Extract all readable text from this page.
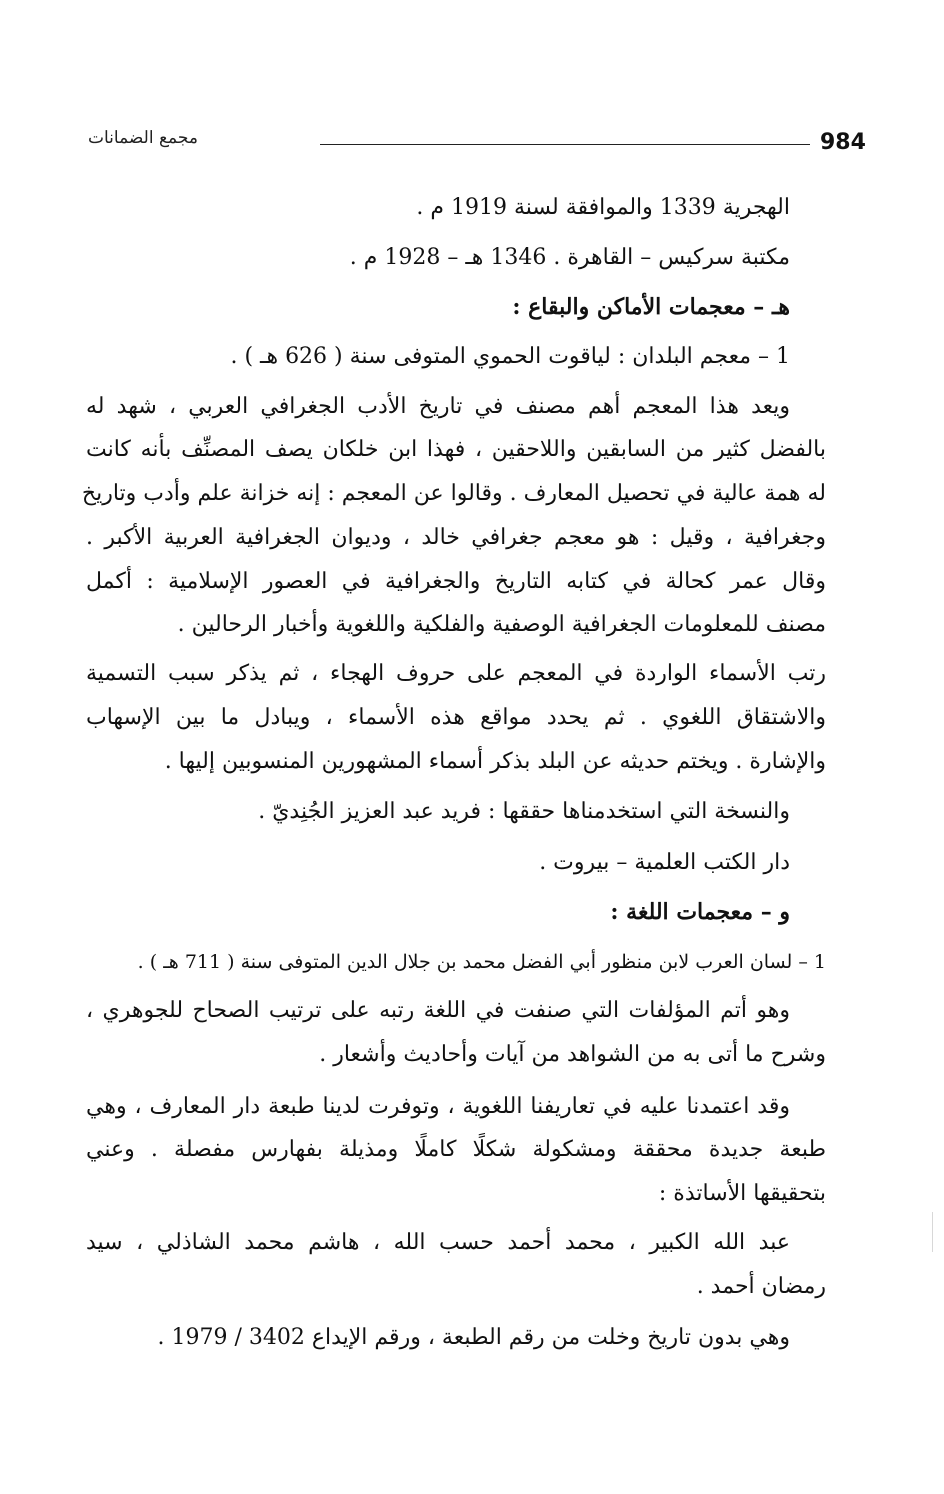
مجمع الضمانات	984
الهجرية 1339 والموافقة لسنة 1919 م .
مكتبة سركيس – القاهرة . 1346 هـ – 1928 م .
هـ – معجمات الأماكن والبقاع :
1 – معجم البلدان : لياقوت الحموي المتوفى سنة ( 626 هـ ) .
ويعد هذا المعجم أهم مصنف في تاريخ الأدب الجغرافي العربي ، شهد له
بالفضل كثير من السابقين واللاحقين ، فهذا ابن خلكان يصف المصنِّف بأنه كانت
له همة عالية في تحصيل المعارف . وقالوا عن المعجم : إنه خزانة علم وأدب وتاريخ
وجغرافية ، وقيل : هو معجم جغرافي خالد ، وديوان الجغرافية العربية الأكبر .
وقال عمر كحالة في كتابه التاريخ والجغرافية في العصور الإسلامية : أكمل
مصنف للمعلومات الجغرافية الوصفية والفلكية واللغوية وأخبار الرحالين .
رتب الأسماء الواردة في المعجم على حروف الهجاء ، ثم يذكر سبب التسمية
والاشتقاق اللغوي . ثم يحدد مواقع هذه الأسماء ، ويبادل ما بين الإسهاب
والإشارة . ويختم حديثه عن البلد بذكر أسماء المشهورين المنسوبين إليها .
والنسخة التي استخدمناها حققها : فريد عبد العزيز الجُنِديّ .
دار الكتب العلمية – بيروت .
و – معجمات اللغة :
1 – لسان العرب لابن منظور أبي الفضل محمد بن جلال الدين المتوفى سنة ( 711 هـ ) .
وهو أتم المؤلفات التي صنفت في اللغة رتبه على ترتيب الصحاح للجوهري ،
وشرح ما أتى به من الشواهد من آيات وأحاديث وأشعار .
وقد اعتمدنا عليه في تعاريفنا اللغوية ، وتوفرت لدينا طبعة دار المعارف ، وهي
طبعة جديدة محققة ومشكولة شكلًا كاملًا ومذيلة بفهارس مفصلة . وعني
بتحقيقها الأساتذة :
عبد الله الكبير ، محمد أحمد حسب الله ، هاشم محمد الشاذلي ، سيد
رمضان أحمد .
وهي بدون تاريخ وخلت من رقم الطبعة ، ورقم الإيداع 3402 / 1979 .
